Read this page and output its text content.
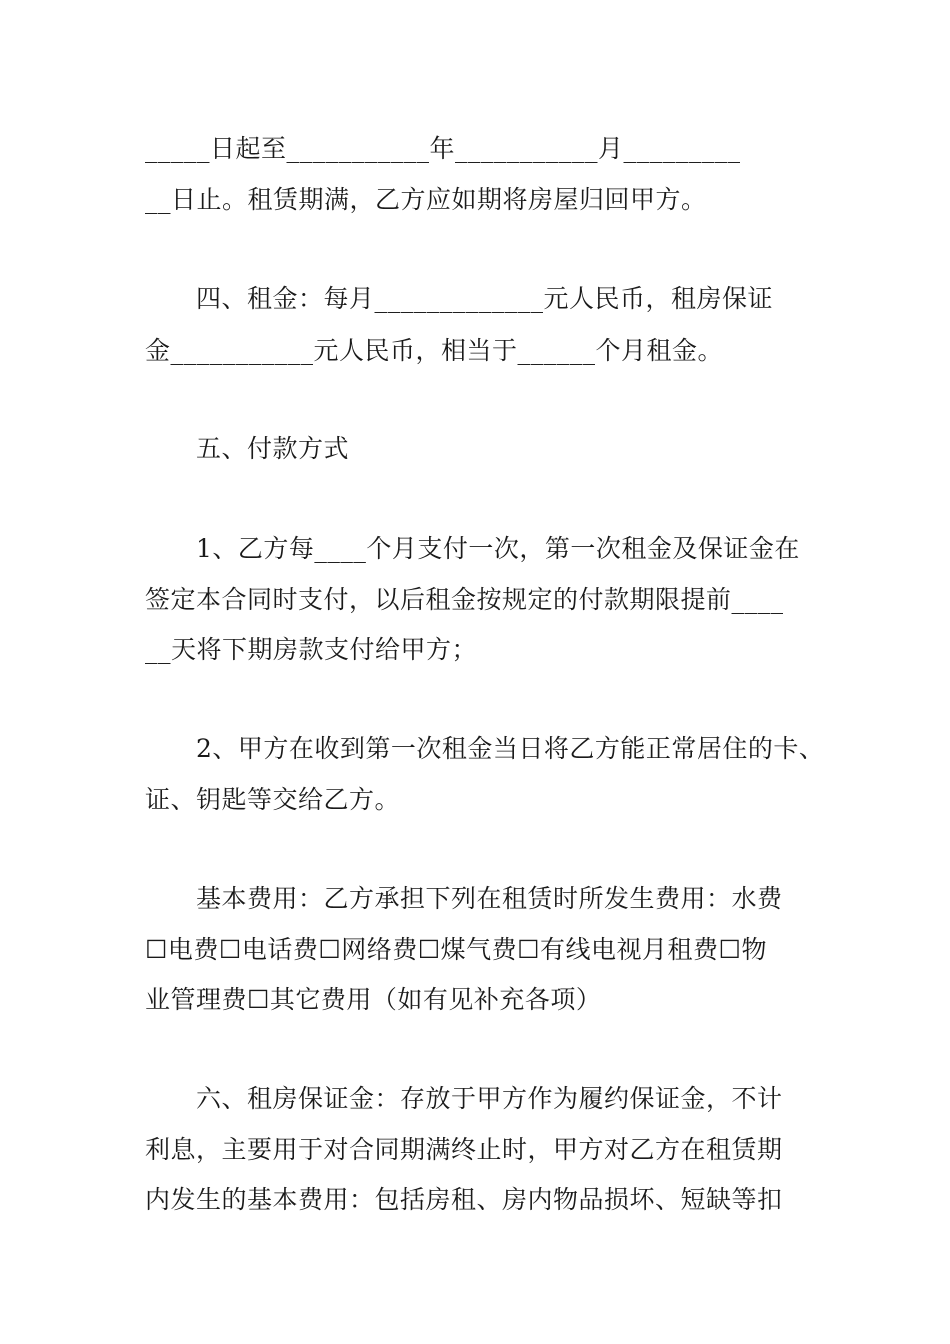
_____日起至___________年___________月_________
__日止。租赁期满，乙方应如期将房屋归回甲方。
四、租金：每月_____________元人民币，租房保证
金___________元人民币，相当于______个月租金。
五、付款方式
1、乙方每____个月支付一次，第一次租金及保证金在
签定本合同时支付，以后租金按规定的付款期限提前____
__天将下期房款支付给甲方；
2、甲方在收到第一次租金当日将乙方能正常居住的卡、
证、钥匙等交给乙方。
基本费用：乙方承担下列在租赁时所发生费用：水费
☐电费☐电话费☐网络费☐煤气费☐有线电视月租费☐物
业管理费☐其它费用（如有见补充各项）
六、租房保证金：存放于甲方作为履约保证金，不计
利息，主要用于对合同期满终止时，甲方对乙方在租赁期
内发生的基本费用：包括房租、房内物品损坏、短缺等扣
